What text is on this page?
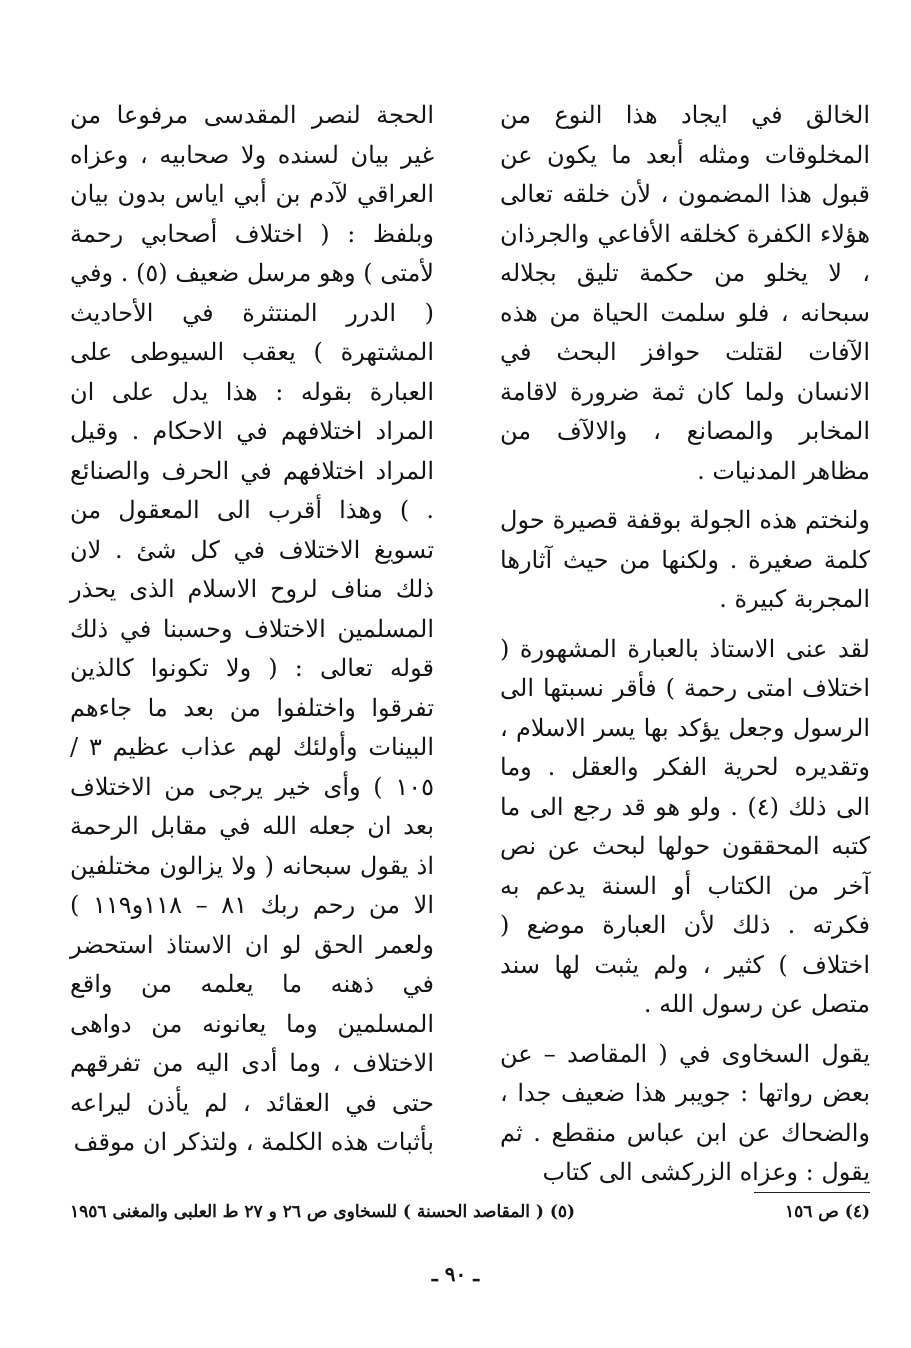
الخالق في ايجاد هذا النوع من المخلوقات ومثله أبعد ما يكون عن قبول هذا المضمون ، لأن خلقه تعالى هؤلاء الكفرة كخلقه الأفاعي والجرذان ، لا يخلو من حكمة تليق بجلاله سبحانه ، فلو سلمت الحياة من هذه الآفات لقتلت حوافز البحث في الانسان ولما كان ثمة ضرورة لاقامة المخابر والمصانع ، والالآف من مظاهر المدنيات .

ولنختم هذه الجولة بوقفة قصيرة حول كلمة صغيرة . ولكنها من حيث آثارها المجربة كبيرة .

لقد عنى الاستاذ بالعبارة المشهورة ( اختلاف امتى رحمة ) فأقر نسبتها الى الرسول وجعل يؤكد بها يسر الاسلام ، وتقديره لحرية الفكر والعقل . وما الى ذلك (٤) . ولو هو قد رجع الى ما كتبه المحققون حولها لبحث عن نص آخر من الكتاب أو السنة يدعم به فكرته . ذلك لأن العبارة موضع ( اختلاف ) كثير ، ولم يثبت لها سند متصل عن رسول الله .

يقول السخاوى في ( المقاصد – عن بعض رواتها : جويبر هذا ضعيف جدا ، والضحاك عن ابن عباس منقطع . ثم يقول : وعزاه الزركشى الى كتاب

الحجة لنصر المقدسى مرفوعا من غير بيان لسنده ولا صحابيه ، وعزاه العراقي لآدم بن أبي اياس بدون بيان وبلفظ : ( اختلاف أصحابي رحمة لأمتى ) وهو مرسل ضعيف (٥) . وفي ( الدرر المنتثرة في الأحاديث المشتهرة ) يعقب السيوطى على العبارة بقوله : هذا يدل على ان المراد اختلافهم في الاحكام . وقيل المراد اختلافهم في الحرف والصنائع . ) وهذا أقرب الى المعقول من تسويغ الاختلاف في كل شئ . لان ذلك مناف لروح الاسلام الذى يحذر المسلمين الاختلاف وحسبنا في ذلك قوله تعالى : ( ولا تكونوا كالذين تفرقوا واختلفوا من بعد ما جاءهم البينات وأولئك لهم عذاب عظيم ٣ / ١٠٥ ) وأى خير يرجى من الاختلاف بعد ان جعله الله في مقابل الرحمة اذ يقول سبحانه ( ولا يزالون مختلفين الا من رحم ربك ٨١ – ١١٨و١١٩ ) ولعمر الحق لو ان الاستاذ استحضر في ذهنه ما يعلمه من واقع المسلمين وما يعانونه من دواهى الاختلاف ، وما أدى اليه من تفرقهم حتى في العقائد ، لم يأذن ليراعه بأثبات هذه الكلمة ، ولتذكر ان موقف

(٤) ص ١٥٦
(٥) ( المقاصد الحسنة ) للسخاوى ص ٢٦ و ٢٧ ط العلبى والمغنى ١٩٥٦
ـ ٩٠ ـ
